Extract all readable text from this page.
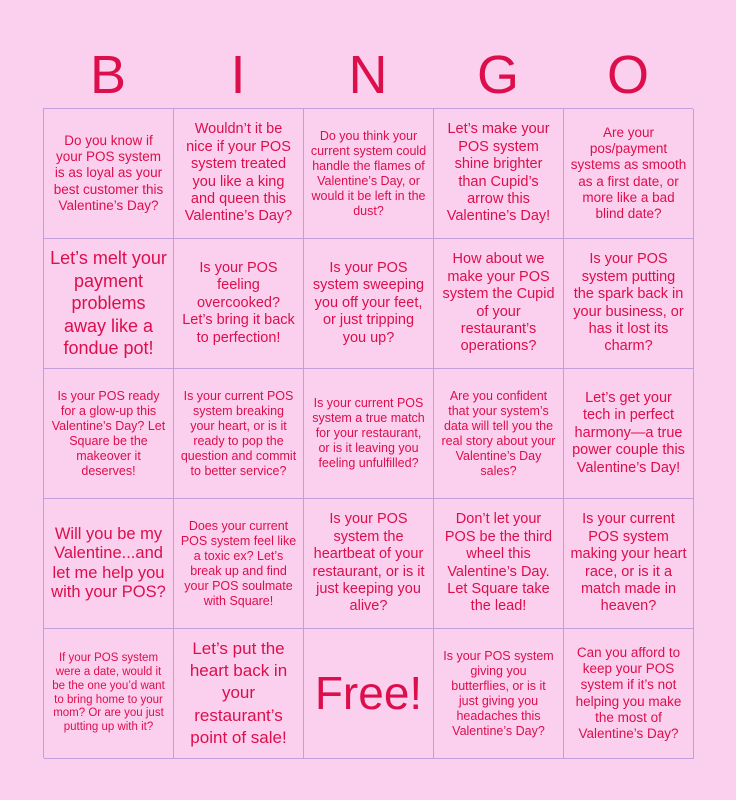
B	I	N	G	O
Do you know if your POS system is as loyal as your best customer this Valentine’s Day?
Wouldn’t it be nice if your POS system treated you like a king and queen this Valentine’s Day?
Do you think your current system could handle the flames of Valentine’s Day, or would it be left in the dust?
Let’s make your POS system shine brighter than Cupid’s arrow this Valentine’s Day!
Are your pos/payment systems as smooth as a first date, or more like a bad blind date?
Let’s melt your payment problems away like a fondue pot!
Is your POS feeling overcooked? Let’s bring it back to perfection!
Is your POS system sweeping you off your feet, or just tripping you up?
How about we make your POS system the Cupid of your restaurant’s operations?
Is your POS system putting the spark back in your business, or has it lost its charm?
Is your POS ready for a glow-up this Valentine’s Day? Let Square be the makeover it deserves!
Is your current POS system breaking your heart, or is it ready to pop the question and commit to better service?
Is your current POS system a true match for your restaurant, or is it leaving you feeling unfulfilled?
Are you confident that your system’s data will tell you the real story about your Valentine’s Day sales?
Let’s get your tech in perfect harmony—a true power couple this Valentine’s Day!
Will you be my Valentine...and let me help you with your POS?
Does your current POS system feel like a toxic ex? Let’s break up and find your POS soulmate with Square!
Is your POS system the heartbeat of your restaurant, or is it just keeping you alive?
Don’t let your POS be the third wheel this Valentine’s Day. Let Square take the lead!
Is your current POS system making your heart race, or is it a match made in heaven?
If your POS system were a date, would it be the one you’d want to bring home to your mom? Or are you just putting up with it?
Let’s put the heart back in your restaurant’s point of sale!
Free!
Is your POS system giving you butterflies, or is it just giving you headaches this Valentine’s Day?
Can you afford to keep your POS system if it’s not helping you make the most of Valentine’s Day?
